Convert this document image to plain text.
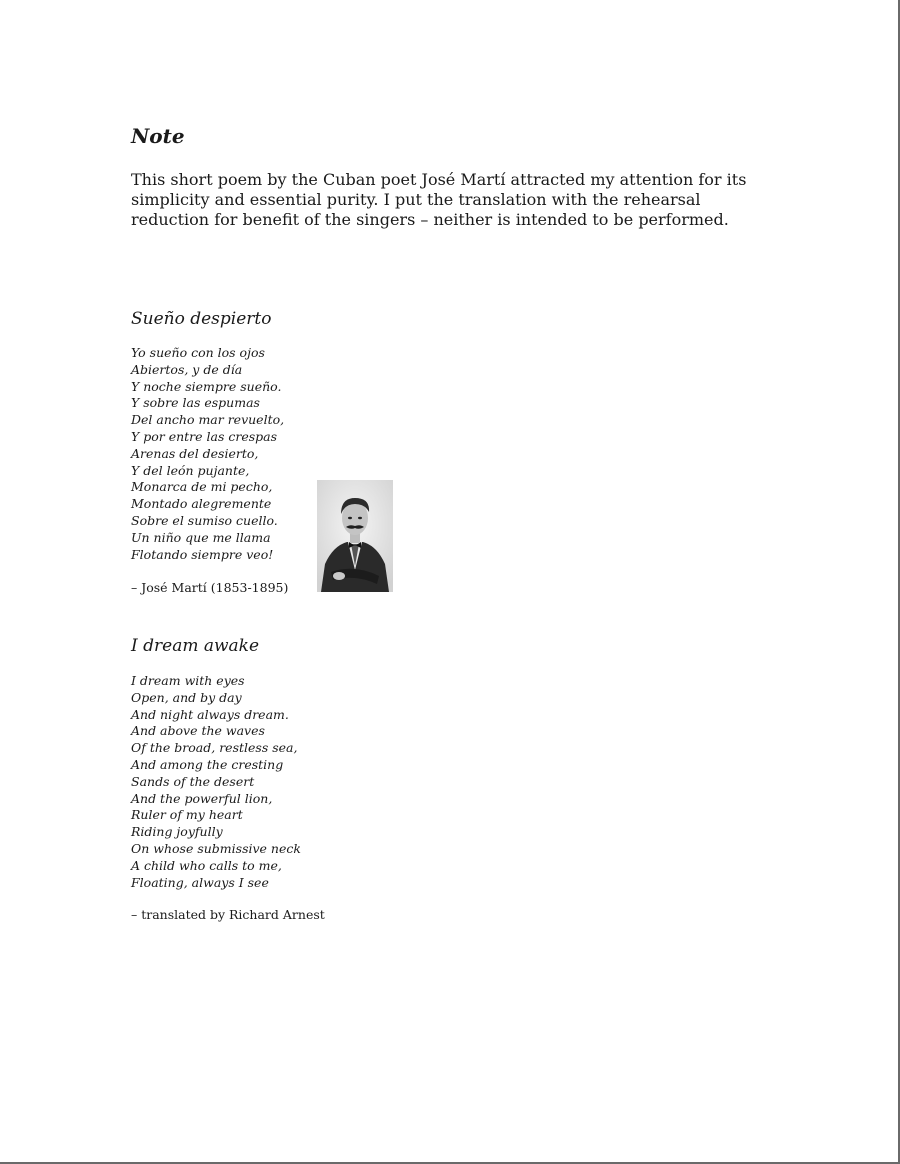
Note
This short poem by the Cuban poet José Martí attracted my attention for its simplicity and essential purity. I put the translation with the rehearsal reduction for benefit of the singers – neither is intended to be performed.
Sueño despierto
Yo sueño con los ojos
Abiertos, y de día
Y noche siempre sueño.
Y sobre las espumas
Del ancho mar revuelto,
Y por entre las crespas
Arenas del desierto,
Y del león pujante,
Monarca de mi pecho,
Montado alegremente
Sobre el sumiso cuello.
Un niño que me llama
Flotando siempre veo!
– José Martí (1853-1895)
I dream awake
I dream with eyes
Open, and by day
And night always dream.
And above the waves
Of the broad, restless sea,
And among the cresting
Sands of the desert
And the powerful lion,
Ruler of my heart
Riding joyfully
On whose submissive neck
A child who calls to me,
Floating, always I see
– translated by Richard Arnest
